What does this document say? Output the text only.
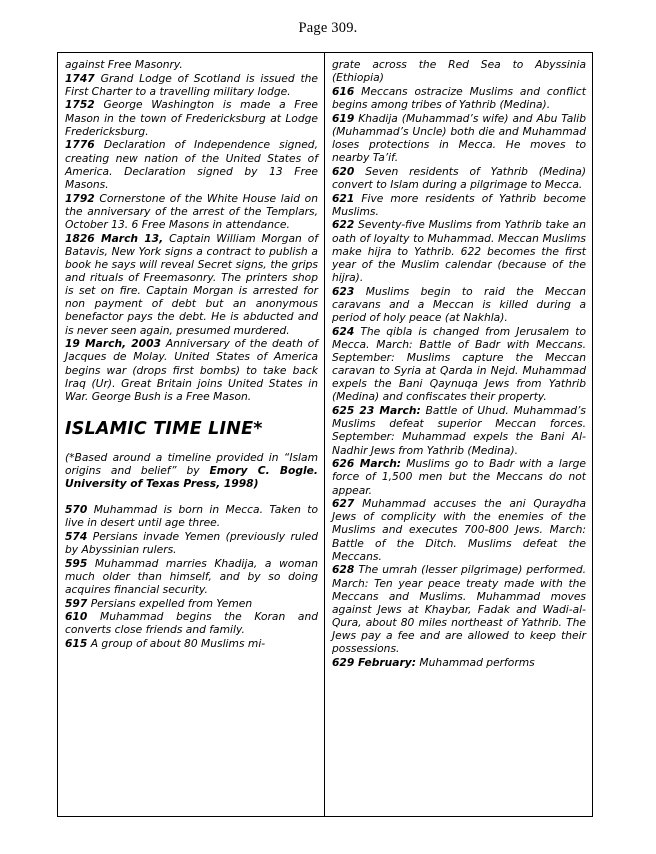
Page 309.

against Free Masonry.

1747 Grand Lodge of Scotland is issued the First Charter to a travelling military lodge.

1752 George Washington is made a Free Mason in the town of Fredericksburg at Lodge Fredericksburg.

1776 Declaration of Independence signed, creating new nation of the United States of America. Declaration signed by 13 Free Masons.

1792 Cornerstone of the White House laid on the anniversary of the arrest of the Templars, October 13. 6 Free Masons in attendance.

1826 March 13, Captain William Morgan of Batavis, New York signs a contract to publish a book he says will reveal Secret signs, the grips and rituals of Freemasonry. The printers shop is set on fire. Captain Morgan is arrested for non payment of debt but an anonymous benefactor pays the debt. He is abducted and is never seen again, presumed murdered.

19 March, 2003 Anniversary of the death of Jacques de Molay. United States of America begins war (drops first bombs) to take back Iraq (Ur). Great Britain joins United States in War. George Bush is a Free Mason.

ISLAMIC TIME LINE*
(*Based around a timeline provided in “Islam origins and belief” by Emory C. Bogle. University of Texas Press, 1998)

570 Muhammad is born in Mecca. Taken to live in desert until age three.

574 Persians invade Yemen (previously ruled by Abyssinian rulers.

595 Muhammad marries Khadija, a woman much older than himself, and by so doing acquires financial security.

597 Persians expelled from Yemen

610 Muhammad begins the Koran and converts close friends and family.

615 A group of about 80 Muslims mi-

grate across the Red Sea to Abyssinia (Ethiopia)

616 Meccans ostracize Muslims and conflict begins among tribes of Yathrib (Medina).

619 Khadija (Muhammad’s wife) and Abu Talib (Muhammad’s Uncle) both die and Muhammad loses protections in Mecca. He moves to nearby Ta’if.

620 Seven residents of Yathrib (Medina) convert to Islam during a pilgrimage to Mecca.

621 Five more residents of Yathrib become Muslims.

622 Seventy-five Muslims from Yathrib take an oath of loyalty to Muhammad. Meccan Muslims make hijra to Yathrib. 622 becomes the first year of the Muslim calendar (because of the hijra).

623 Muslims begin to raid the Meccan caravans and a Meccan is killed during a period of holy peace (at Nakhla).

624 The qibla is changed from Jerusalem to Mecca. March: Battle of Badr with Meccans. September: Muslims capture the Meccan caravan to Syria at Qarda in Nejd. Muhammad expels the Bani Qaynuqa Jews from Yathrib (Medina) and confiscates their property.

625 23 March: Battle of Uhud. Muhammad’s Muslims defeat superior Meccan forces. September: Muhammad expels the Bani Al-Nadhir Jews from Yathrib (Medina).

626 March: Muslims go to Badr with a large force of 1,500 men but the Meccans do not appear.

627 Muhammad accuses the ani Quraydha Jews of complicity with the enemies of the Muslims and executes 700-800 Jews. March: Battle of the Ditch. Muslims defeat the Meccans.

628 The umrah (lesser pilgrimage) performed. March: Ten year peace treaty made with the Meccans and Muslims. Muhammad moves against Jews at Khaybar, Fadak and Wadi-al-Qura, about 80 miles northeast of Yathrib. The Jews pay a fee and are allowed to keep their possessions.

629 February: Muhammad performs
